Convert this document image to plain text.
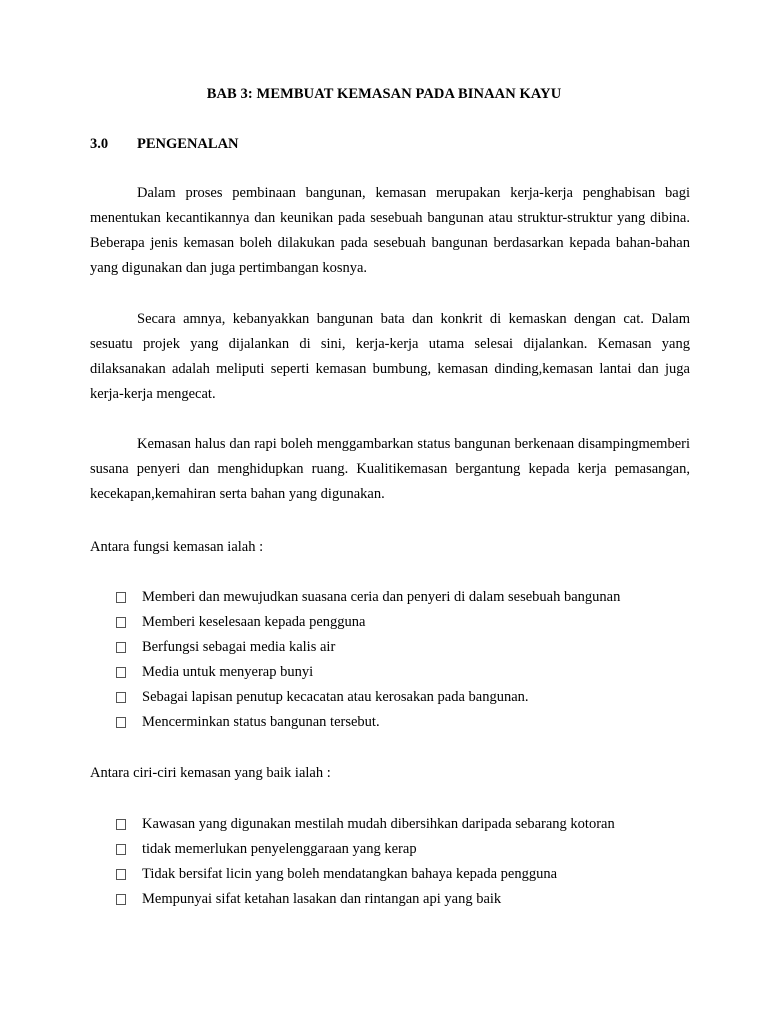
BAB 3: MEMBUAT KEMASAN PADA BINAAN KAYU
3.0 PENGENALAN

Dalam proses pembinaan bangunan, kemasan merupakan kerja-kerja penghabisan bagi menentukan kecantikannya dan keunikan pada sesebuah bangunan atau struktur-struktur yang dibina. Beberapa jenis kemasan boleh dilakukan pada sesebuah bangunan berdasarkan kepada bahan-bahan yang digunakan dan juga pertimbangan kosnya.

Secara amnya, kebanyakkan bangunan bata dan konkrit di kemaskan dengan cat. Dalam sesuatu projek yang dijalankan di sini, kerja-kerja utama selesai dijalankan. Kemasan yang dilaksanakan adalah meliputi seperti kemasan bumbung, kemasan dinding,kemasan lantai dan juga kerja-kerja mengecat.

Kemasan halus dan rapi boleh menggambarkan status bangunan berkenaan disampingmemberi susana penyeri dan menghidupkan ruang. Kualitikemasan bergantung kepada kerja pemasangan, kecekapan,kemahiran serta bahan yang digunakan.

Antara fungsi kemasan ialah :

Memberi dan mewujudkan suasana ceria dan penyeri di dalam sesebuah bangunan
Memberi keselesaan kepada pengguna
Berfungsi sebagai media kalis air
Media untuk menyerap bunyi
Sebagai lapisan penutup kecacatan atau kerosakan pada bangunan.
Mencerminkan status bangunan tersebut.

Antara ciri-ciri kemasan yang baik ialah :

Kawasan yang digunakan mestilah mudah dibersihkan daripada sebarang kotoran
tidak memerlukan penyelenggaraan yang kerap
Tidak bersifat licin yang boleh mendatangkan bahaya kepada pengguna
Mempunyai sifat ketahan lasakan dan rintangan api yang baik
